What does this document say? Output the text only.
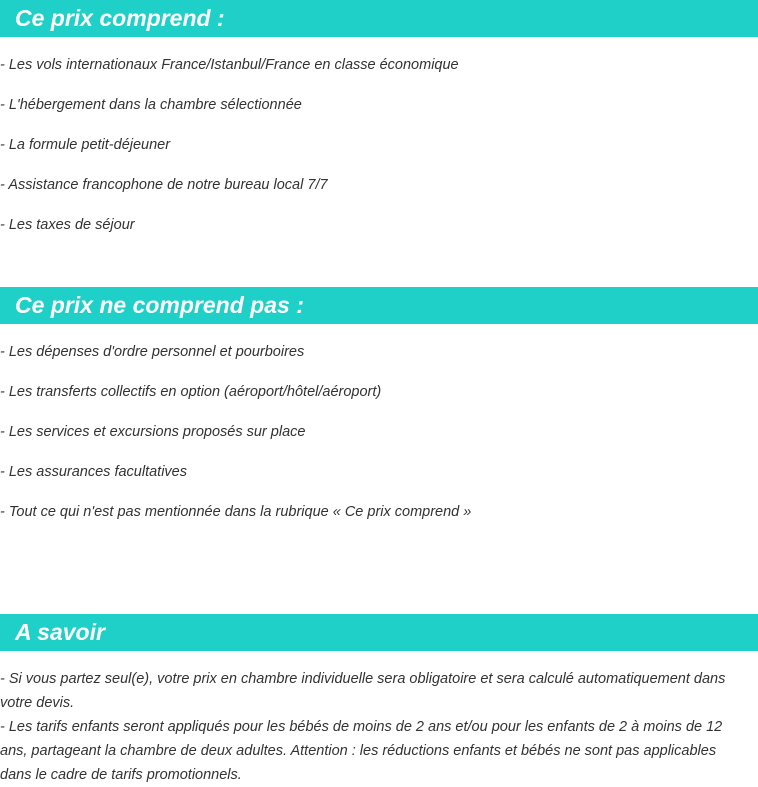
Ce prix comprend :
- Les vols internationaux France/Istanbul/France en classe économique
- L'hébergement dans la chambre sélectionnée
- La formule petit-déjeuner
- Assistance francophone de notre bureau local 7/7
- Les taxes de séjour
Ce prix ne comprend pas :
- Les dépenses d'ordre personnel et pourboires
- Les transferts collectifs en option (aéroport/hôtel/aéroport)
- Les services et excursions proposés sur place
- Les assurances facultatives
- Tout ce qui n'est pas mentionnée dans la rubrique « Ce prix comprend »
A savoir
- Si vous partez seul(e), votre prix en chambre individuelle sera obligatoire et sera calculé automatiquement dans votre devis.
- Les tarifs enfants seront appliqués pour les bébés de moins de 2 ans et/ou pour les enfants de 2 à moins de 12 ans, partageant la chambre de deux adultes. Attention : les réductions enfants et bébés ne sont pas applicables dans le cadre de tarifs promotionnels.
